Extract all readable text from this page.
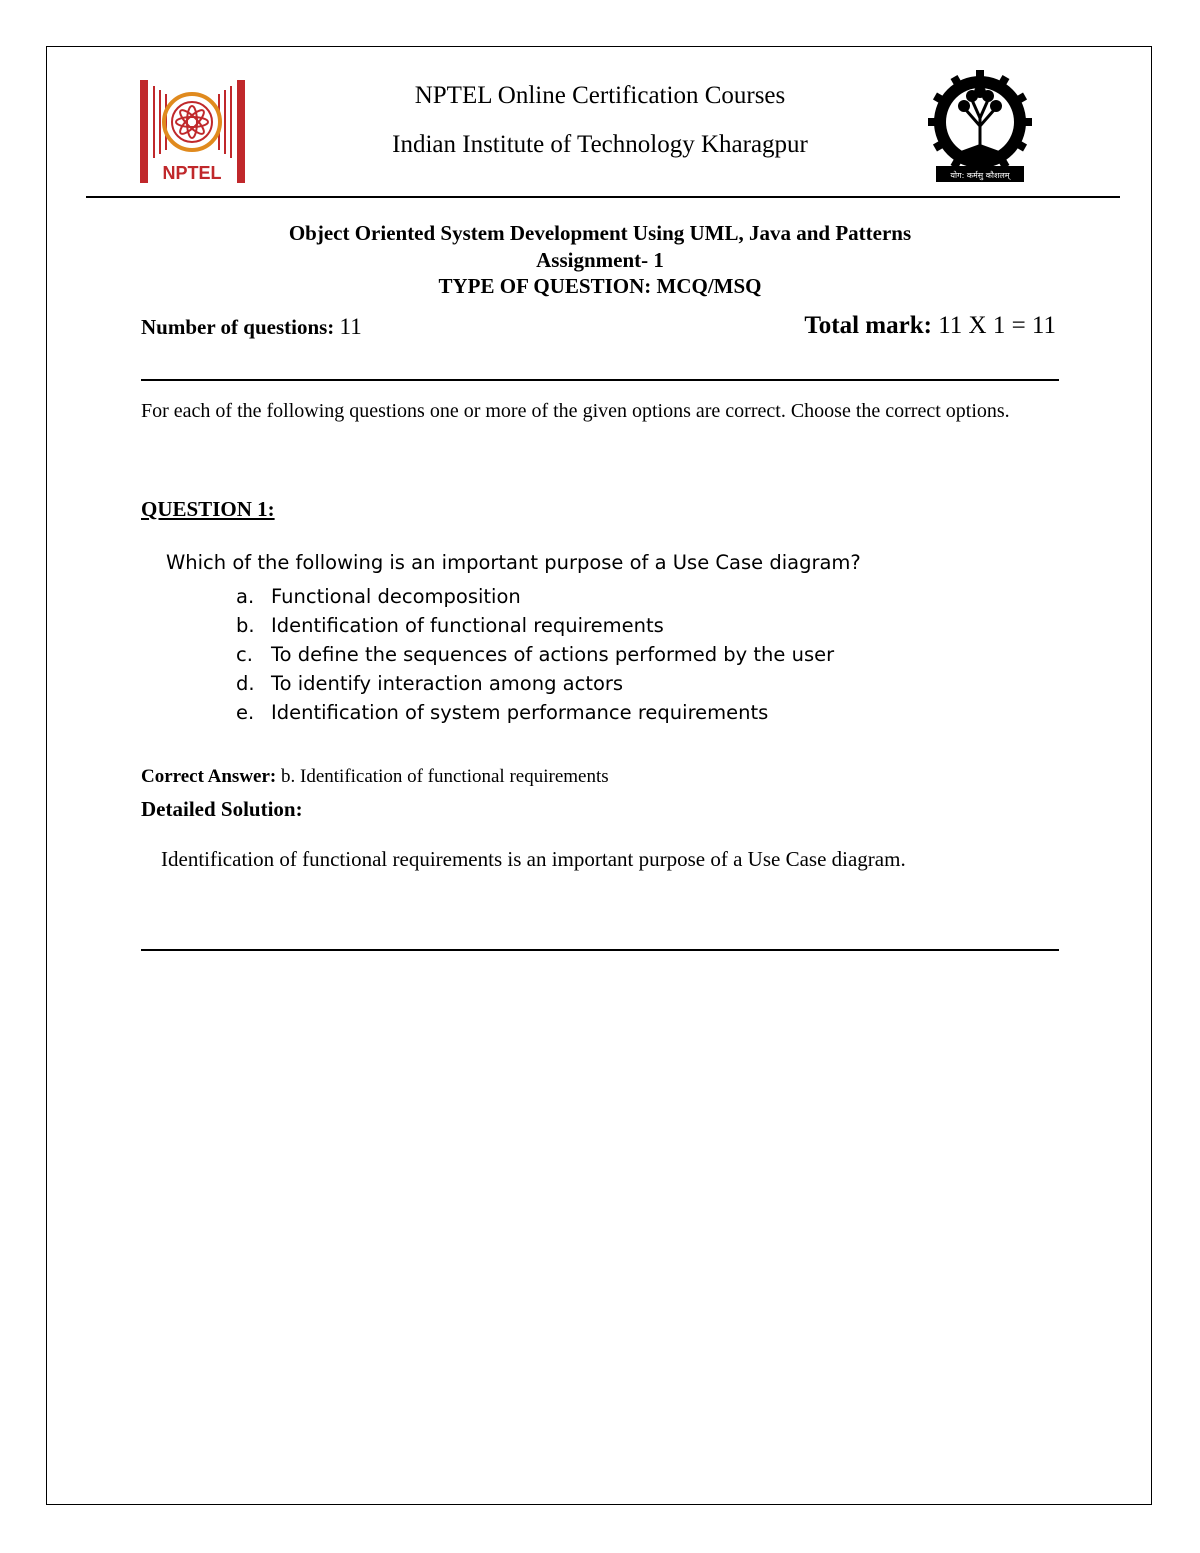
NPTEL
NPTEL Online Certification Courses
Indian Institute of Technology Kharagpur
योग: कर्मसु कौशलम्
Object Oriented System Development Using UML, Java and Patterns
Assignment- 1
TYPE OF QUESTION: MCQ/MSQ
Number of questions: 11	Total mark: 11 X 1 = 11
For each of the following questions one or more of the given options are correct. Choose the correct options.
QUESTION 1:
Which of the following is an important purpose of a Use Case diagram?
a. Functional decomposition
b. Identification of functional requirements
c. To define the sequences of actions performed by the user
d. To identify interaction among actors
e. Identification of system performance requirements
Correct Answer: b. Identification of functional requirements
Detailed Solution:
Identification of functional requirements is an important purpose of a Use Case diagram.
